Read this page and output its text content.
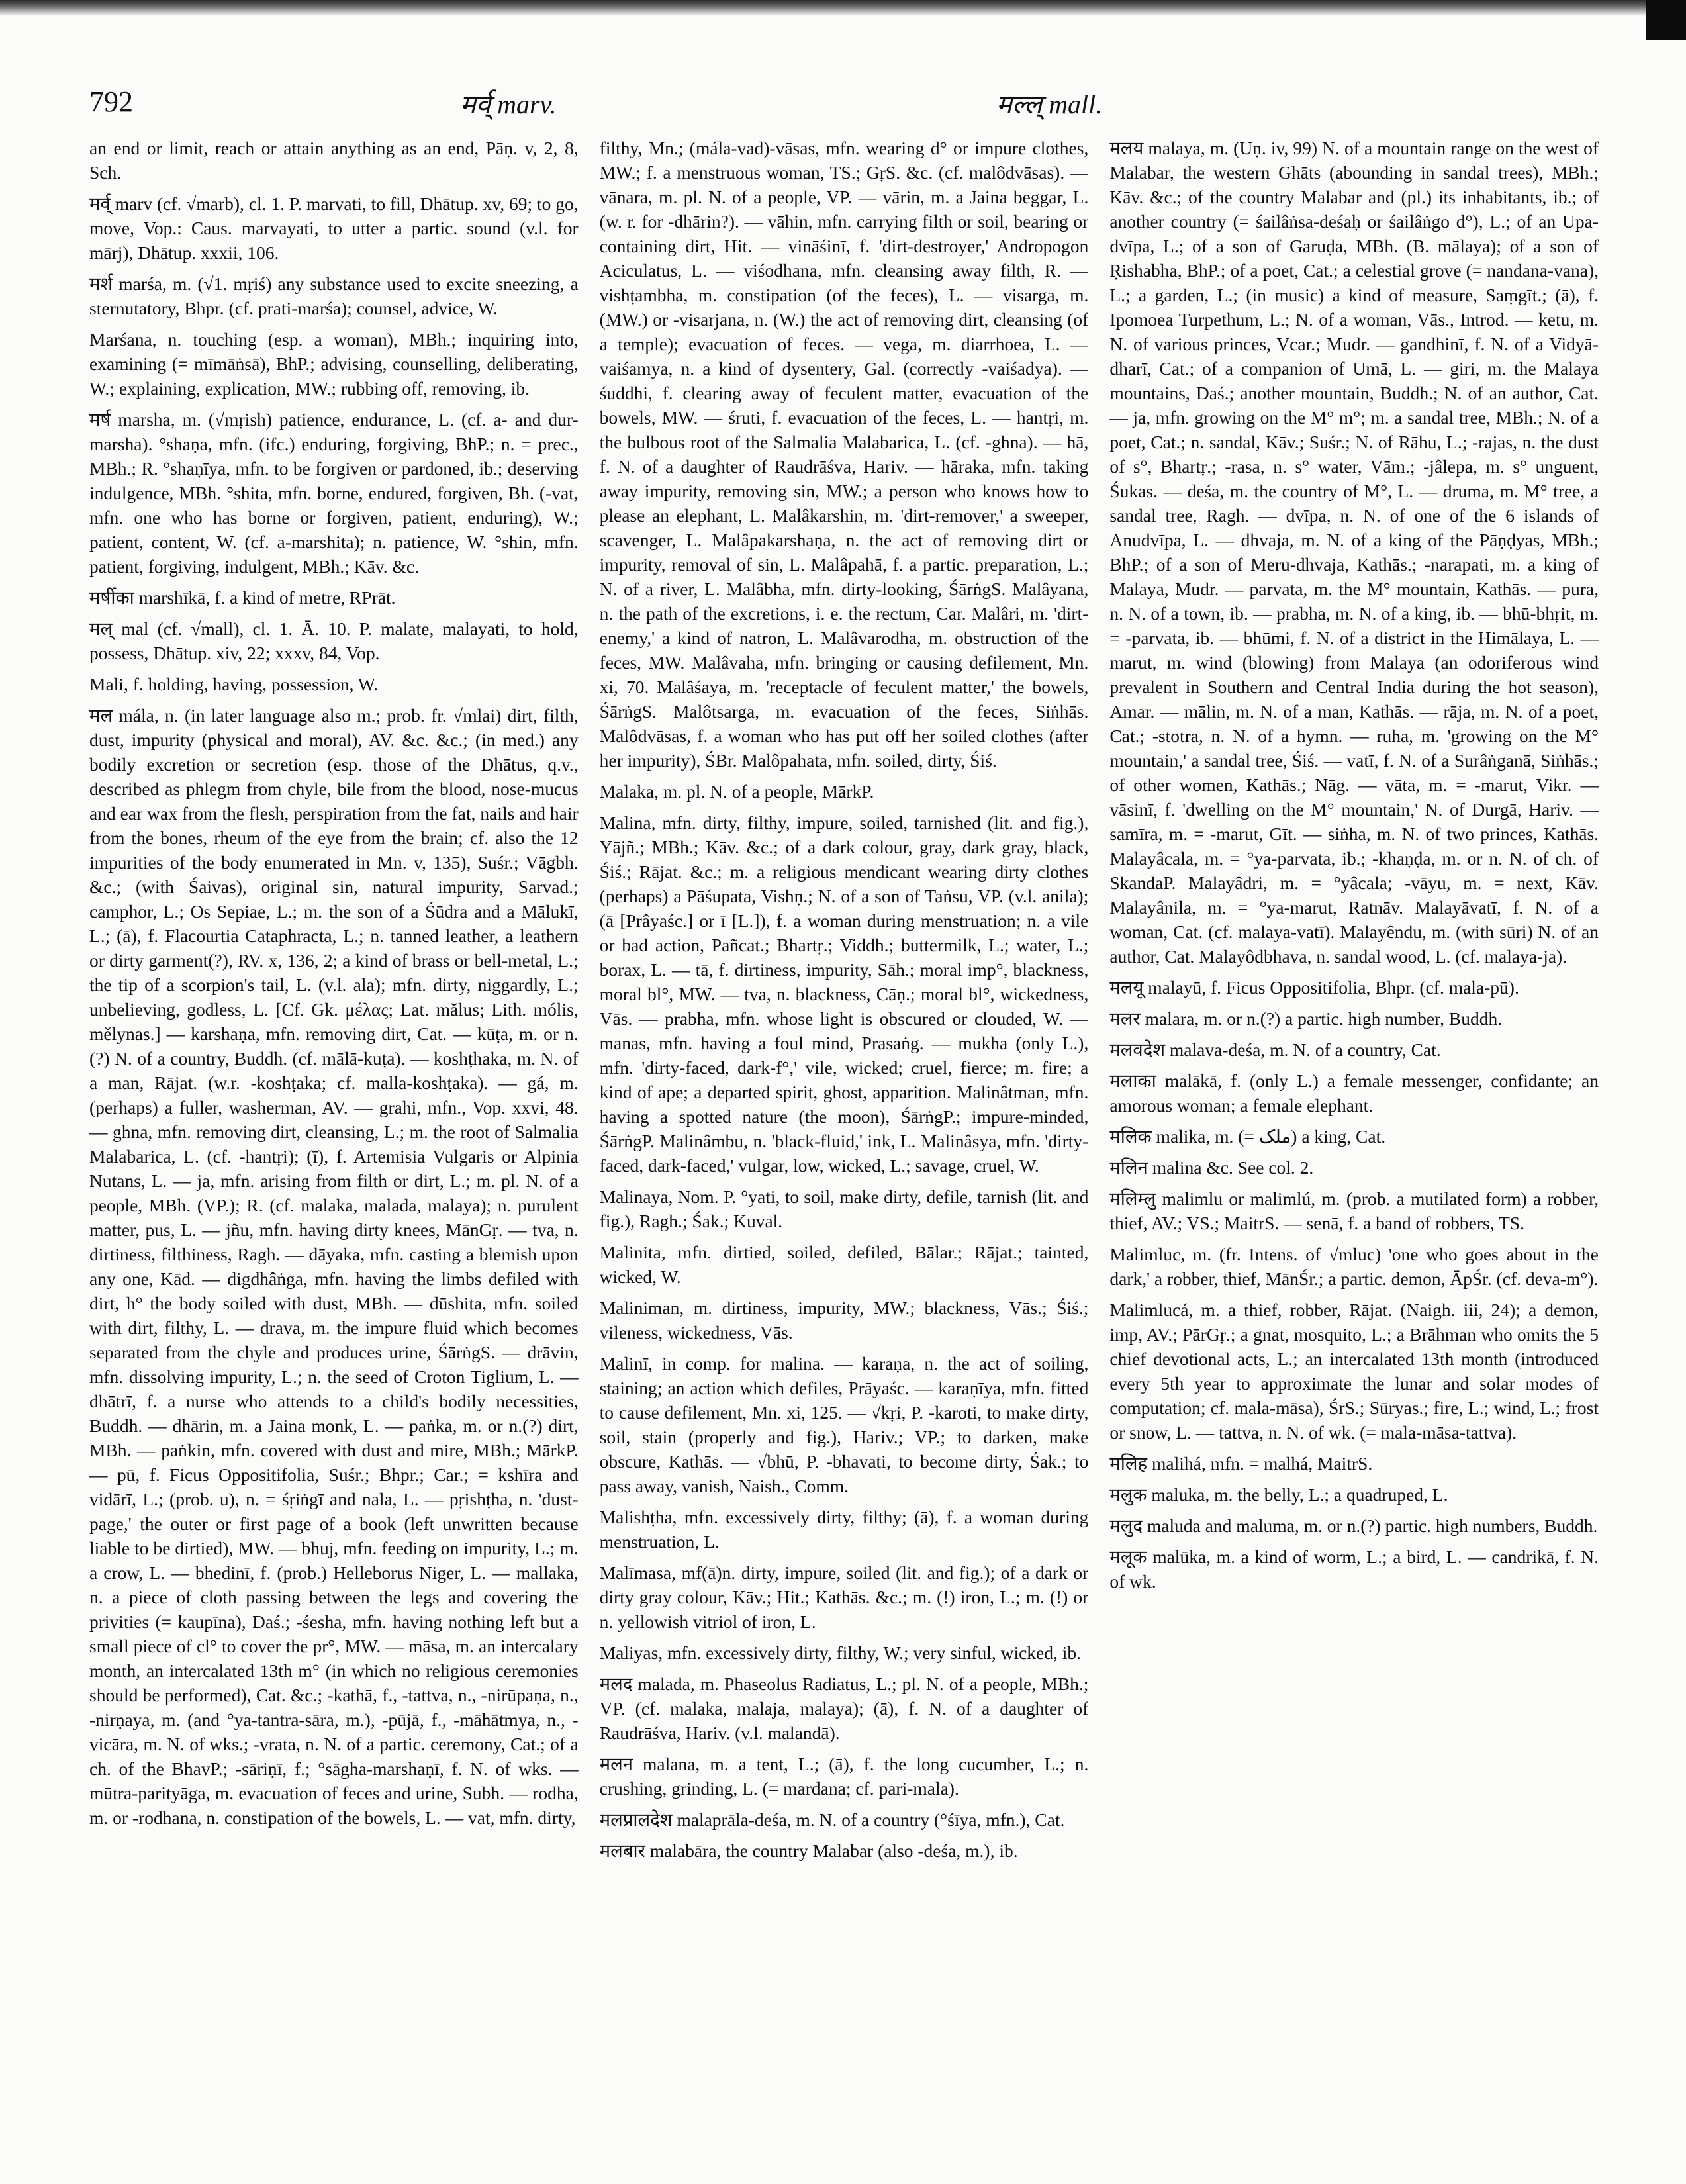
792	मर्व् marv.	मल्ल् mall.

an end or limit, reach or attain anything as an end, Pāṇ. v, 2, 8, Sch.

मर्व् marv (cf. √marb), cl. 1. P. marvati, to fill, Dhātup. xv, 69; to go, move, Vop.: Caus. marvayati, to utter a partic. sound (v.l. for mārj), Dhātup. xxxii, 106.

मर्श marśa, m. (√1. mṛiś) any substance used to excite sneezing, a sternutatory, Bhpr. (cf. prati-marśa); counsel, advice, W.

Marśana, n. touching (esp. a woman), MBh.; inquiring into, examining (= mīmāṅsā), BhP.; advising, counselling, deliberating, W.; explaining, explication, MW.; rubbing off, removing, ib.

मर्ष marsha, m. (√mṛish) patience, endurance, L. (cf. a- and dur-marsha). °shaṇa, mfn. (ifc.) enduring, forgiving, BhP.; n. = prec., MBh.; R. °shaṇīya, mfn. to be forgiven or pardoned, ib.; deserving indulgence, MBh. °shita, mfn. borne, endured, forgiven, Bh. (-vat, mfn. one who has borne or forgiven, patient, enduring), W.; patient, content, W. (cf. a-marshita); n. patience, W. °shin, mfn. patient, forgiving, indulgent, MBh.; Kāv. &c.

मर्षीका marshīkā, f. a kind of metre, RPrāt.

मल् mal (cf. √mall), cl. 1. Ā. 10. P. malate, malayati, to hold, possess, Dhātup. xiv, 22; xxxv, 84, Vop.

Mali, f. holding, having, possession, W.

मल mála, n. (in later language also m.; prob. fr. √mlai) dirt, filth, dust, impurity (physical and moral), AV. &c. &c.; (in med.) any bodily excretion or secretion (esp. those of the Dhātus, q.v., described as phlegm from chyle, bile from the blood, nose-mucus and ear wax from the flesh, perspiration from the fat, nails and hair from the bones, rheum of the eye from the brain; cf. also the 12 impurities of the body enumerated in Mn. v, 135), Suśr.; Vāgbh. &c.; (with Śaivas), original sin, natural impurity, Sarvad.; camphor, L.; Os Sepiae, L.; m. the son of a Śūdra and a Mālukī, L.; (ā), f. Flacourtia Cataphracta, L.; n. tanned leather, a leathern or dirty garment(?), RV. x, 136, 2; a kind of brass or bell-metal, L.; the tip of a scorpion's tail, L. (v.l. ala); mfn. dirty, niggardly, L.; unbelieving, godless, L. [Cf. Gk. μέλας; Lat. mălus; Lith. mólis, mělynas.] — karshaṇa, mfn. removing dirt, Cat. — kūṭa, m. or n.(?) N. of a country, Buddh. (cf. mālā-kuṭa). — koshṭhaka, m. N. of a man, Rājat. (w.r. -koshṭaka; cf. malla-koshṭaka). — gá, m. (perhaps) a fuller, washerman, AV. — grahi, mfn., Vop. xxvi, 48. — ghna, mfn. removing dirt, cleansing, L.; m. the root of Salmalia Malabarica, L. (cf. -hantṛi); (ī), f. Artemisia Vulgaris or Alpinia Nutans, L. — ja, mfn. arising from filth or dirt, L.; m. pl. N. of a people, MBh. (VP.); R. (cf. malaka, malada, malaya); n. purulent matter, pus, L. — jñu, mfn. having dirty knees, MānGṛ. — tva, n. dirtiness, filthiness, Ragh. — dāyaka, mfn. casting a blemish upon any one, Kād. — digdhâṅga, mfn. having the limbs defiled with dirt, h° the body soiled with dust, MBh. — dūshita, mfn. soiled with dirt, filthy, L. — drava, m. the impure fluid which becomes separated from the chyle and produces urine, ŚārṅgS. — drāvin, mfn. dissolving impurity, L.; n. the seed of Croton Tiglium, L. — dhātrī, f. a nurse who attends to a child's bodily necessities, Buddh. — dhārin, m. a Jaina monk, L. — paṅka, m. or n.(?) dirt, MBh. — paṅkin, mfn. covered with dust and mire, MBh.; MārkP. — pū, f. Ficus Oppositifolia, Suśr.; Bhpr.; Car.; = kshīra and vidārī, L.; (prob. u), n. = śṛiṅgī and nala, L. — pṛishṭha, n. 'dust-page,' the outer or first page of a book (left unwritten because liable to be dirtied), MW. — bhuj, mfn. feeding on impurity, L.; m. a crow, L. — bhedinī, f. (prob.) Helleborus Niger, L. — mallaka, n. a piece of cloth passing between the legs and covering the privities (= kaupīna), Daś.; -śesha, mfn. having nothing left but a small piece of cl° to cover the pr°, MW. — māsa, m. an intercalary month, an intercalated 13th m° (in which no religious ceremonies should be performed), Cat. &c.; -kathā, f., -tattva, n., -nirūpaṇa, n., -nirṇaya, m. (and °ya-tantra-sāra, m.), -pūjā, f., -māhātmya, n., -vicāra, m. N. of wks.; -vrata, n. N. of a partic. ceremony, Cat.; of a ch. of the BhavP.; -sāriṇī, f.; °sāgha-marshaṇī, f. N. of wks. — mūtra-parityāga, m. evacuation of feces and urine, Subh. — rodha, m. or -rodhana, n. constipation of the bowels, L. — vat, mfn. dirty,

filthy, Mn.; (mála-vad)-vāsas, mfn. wearing d° or impure clothes, MW.; f. a menstruous woman, TS.; GṛS. &c. (cf. malôdvāsas). — vānara, m. pl. N. of a people, VP. — vārin, m. a Jaina beggar, L. (w. r. for -dhārin?). — vāhin, mfn. carrying filth or soil, bearing or containing dirt, Hit. — vināśinī, f. 'dirt-destroyer,' Andropogon Aciculatus, L. — viśodhana, mfn. cleansing away filth, R. — vishṭambha, m. constipation (of the feces), L. — visarga, m. (MW.) or -visarjana, n. (W.) the act of removing dirt, cleansing (of a temple); evacuation of feces. — vega, m. diarrhoea, L. — vaiśamya, n. a kind of dysentery, Gal. (correctly -vaiśadya). — śuddhi, f. clearing away of feculent matter, evacuation of the bowels, MW. — śruti, f. evacuation of the feces, L. — hantṛi, m. the bulbous root of the Salmalia Malabarica, L. (cf. -ghna). — hā, f. N. of a daughter of Raudrāśva, Hariv. — hāraka, mfn. taking away impurity, removing sin, MW.; a person who knows how to please an elephant, L. Malâkarshin, m. 'dirt-remover,' a sweeper, scavenger, L. Malâpakarshaṇa, n. the act of removing dirt or impurity, removal of sin, L. Malâpahā, f. a partic. preparation, L.; N. of a river, L. Malâbha, mfn. dirty-looking, ŚārṅgS. Malâyana, n. the path of the excretions, i. e. the rectum, Car. Malâri, m. 'dirt-enemy,' a kind of natron, L. Malâvarodha, m. obstruction of the feces, MW. Malâvaha, mfn. bringing or causing defilement, Mn. xi, 70. Malâśaya, m. 'receptacle of feculent matter,' the bowels, ŚārṅgS. Malôtsarga, m. evacuation of the feces, Siṅhās. Malôdvāsas, f. a woman who has put off her soiled clothes (after her impurity), ŚBr. Malôpahata, mfn. soiled, dirty, Śiś.

Malaka, m. pl. N. of a people, MārkP.

Malina, mfn. dirty, filthy, impure, soiled, tarnished (lit. and fig.), Yājñ.; MBh.; Kāv. &c.; of a dark colour, gray, dark gray, black, Śiś.; Rājat. &c.; m. a religious mendicant wearing dirty clothes (perhaps) a Pāśupata, Vishṇ.; N. of a son of Taṅsu, VP. (v.l. anila); (ā [Prâyaśc.] or ī [L.]), f. a woman during menstruation; n. a vile or bad action, Pañcat.; Bhartṛ.; Viddh.; buttermilk, L.; water, L.; borax, L. — tā, f. dirtiness, impurity, Sāh.; moral imp°, blackness, moral bl°, MW. — tva, n. blackness, Cāṇ.; moral bl°, wickedness, Vās. — prabha, mfn. whose light is obscured or clouded, W. — manas, mfn. having a foul mind, Prasaṅg. — mukha (only L.), mfn. 'dirty-faced, dark-f°,' vile, wicked; cruel, fierce; m. fire; a kind of ape; a departed spirit, ghost, apparition. Malinâtman, mfn. having a spotted nature (the moon), ŚārṅgP.; impure-minded, ŚārṅgP. Malinâmbu, n. 'black-fluid,' ink, L. Malinâsya, mfn. 'dirty-faced, dark-faced,' vulgar, low, wicked, L.; savage, cruel, W.

Malinaya, Nom. P. °yati, to soil, make dirty, defile, tarnish (lit. and fig.), Ragh.; Śak.; Kuval.

Malinita, mfn. dirtied, soiled, defiled, Bālar.; Rājat.; tainted, wicked, W.

Maliniman, m. dirtiness, impurity, MW.; blackness, Vās.; Śiś.; vileness, wickedness, Vās.

Malinī, in comp. for malina. — karaṇa, n. the act of soiling, staining; an action which defiles, Prāyaśc. — karaṇīya, mfn. fitted to cause defilement, Mn. xi, 125. — √kṛi, P. -karoti, to make dirty, soil, stain (properly and fig.), Hariv.; VP.; to darken, make obscure, Kathās. — √bhū, P. -bhavati, to become dirty, Śak.; to pass away, vanish, Naish., Comm.

Malishṭha, mfn. excessively dirty, filthy; (ā), f. a woman during menstruation, L.

Malīmasa, mf(ā)n. dirty, impure, soiled (lit. and fig.); of a dark or dirty gray colour, Kāv.; Hit.; Kathās. &c.; m. (!) iron, L.; m. (!) or n. yellowish vitriol of iron, L.

Maliyas, mfn. excessively dirty, filthy, W.; very sinful, wicked, ib.

मलद malada, m. Phaseolus Radiatus, L.; pl. N. of a people, MBh.; VP. (cf. malaka, malaja, malaya); (ā), f. N. of a daughter of Raudrāśva, Hariv. (v.l. malandā).

मलन malana, m. a tent, L.; (ā), f. the long cucumber, L.; n. crushing, grinding, L. (= mardana; cf. pari-mala).

मलप्रालदेश malaprāla-deśa, m. N. of a country (°śīya, mfn.), Cat.

मलबार malabāra, the country Malabar (also -deśa, m.), ib.

मलय malaya, m. (Uṇ. iv, 99) N. of a mountain range on the west of Malabar, the western Ghāts (abounding in sandal trees), MBh.; Kāv. &c.; of the country Malabar and (pl.) its inhabitants, ib.; of another country (= śailâṅsa-deśaḥ or śailâṅgo d°), L.; of an Upa-dvīpa, L.; of a son of Garuḍa, MBh. (B. mālaya); of a son of Ṛishabha, BhP.; of a poet, Cat.; a celestial grove (= nandana-vana), L.; a garden, L.; (in music) a kind of measure, Saṃgīt.; (ā), f. Ipomoea Turpethum, L.; N. of a woman, Vās., Introd. — ketu, m. N. of various princes, Vcar.; Mudr. — gandhinī, f. N. of a Vidyā-dharī, Cat.; of a companion of Umā, L. — giri, m. the Malaya mountains, Daś.; another mountain, Buddh.; N. of an author, Cat. — ja, mfn. growing on the M° m°; m. a sandal tree, MBh.; N. of a poet, Cat.; n. sandal, Kāv.; Suśr.; N. of Rāhu, L.; -rajas, n. the dust of s°, Bhartṛ.; -rasa, n. s° water, Vām.; -jâlepa, m. s° unguent, Śukas. — deśa, m. the country of M°, L. — druma, m. M° tree, a sandal tree, Ragh. — dvīpa, n. N. of one of the 6 islands of Anudvīpa, L. — dhvaja, m. N. of a king of the Pāṇḍyas, MBh.; BhP.; of a son of Meru-dhvaja, Kathās.; -narapati, m. a king of Malaya, Mudr. — parvata, m. the M° mountain, Kathās. — pura, n. N. of a town, ib. — prabha, m. N. of a king, ib. — bhū-bhṛit, m. = -parvata, ib. — bhūmi, f. N. of a district in the Himālaya, L. — marut, m. wind (blowing) from Malaya (an odoriferous wind prevalent in Southern and Central India during the hot season), Amar. — mālin, m. N. of a man, Kathās. — rāja, m. N. of a poet, Cat.; -stotra, n. N. of a hymn. — ruha, m. 'growing on the M° mountain,' a sandal tree, Śiś. — vatī, f. N. of a Surâṅganā, Siṅhās.; of other women, Kathās.; Nāg. — vāta, m. = -marut, Vikr. — vāsinī, f. 'dwelling on the M° mountain,' N. of Durgā, Hariv. — samīra, m. = -marut, Gīt. — siṅha, m. N. of two princes, Kathās. Malayâcala, m. = °ya-parvata, ib.; -khaṇḍa, m. or n. N. of ch. of SkandaP. Malayâdri, m. = °yâcala; -vāyu, m. = next, Kāv. Malayânila, m. = °ya-marut, Ratnāv. Malayāvatī, f. N. of a woman, Cat. (cf. malaya-vatī). Malayêndu, m. (with sūri) N. of an author, Cat. Malayôdbhava, n. sandal wood, L. (cf. malaya-ja).

मलयू malayū, f. Ficus Oppositifolia, Bhpr. (cf. mala-pū).

मलर malara, m. or n.(?) a partic. high number, Buddh.

मलवदेश malava-deśa, m. N. of a country, Cat.

मलाका malākā, f. (only L.) a female messenger, confidante; an amorous woman; a female elephant.

मलिक malika, m. (= ملک) a king, Cat.

मलिन malina &c. See col. 2.

मलिम्लु malimlu or malimlú, m. (prob. a mutilated form) a robber, thief, AV.; VS.; MaitrS. — senā, f. a band of robbers, TS.

Malimluc, m. (fr. Intens. of √mluc) 'one who goes about in the dark,' a robber, thief, MānŚr.; a partic. demon, ĀpŚr. (cf. deva-m°).

Malimlucá, m. a thief, robber, Rājat. (Naigh. iii, 24); a demon, imp, AV.; PārGṛ.; a gnat, mosquito, L.; a Brāhman who omits the 5 chief devotional acts, L.; an intercalated 13th month (introduced every 5th year to approximate the lunar and solar modes of computation; cf. mala-māsa), ŚrS.; Sūryas.; fire, L.; wind, L.; frost or snow, L. — tattva, n. N. of wk. (= mala-māsa-tattva).

मलिह malihá, mfn. = malhá, MaitrS.

मलुक maluka, m. the belly, L.; a quadruped, L.

मलुद maluda and maluma, m. or n.(?) partic. high numbers, Buddh.

मलूक malūka, m. a kind of worm, L.; a bird, L. — candrikā, f. N. of wk.
